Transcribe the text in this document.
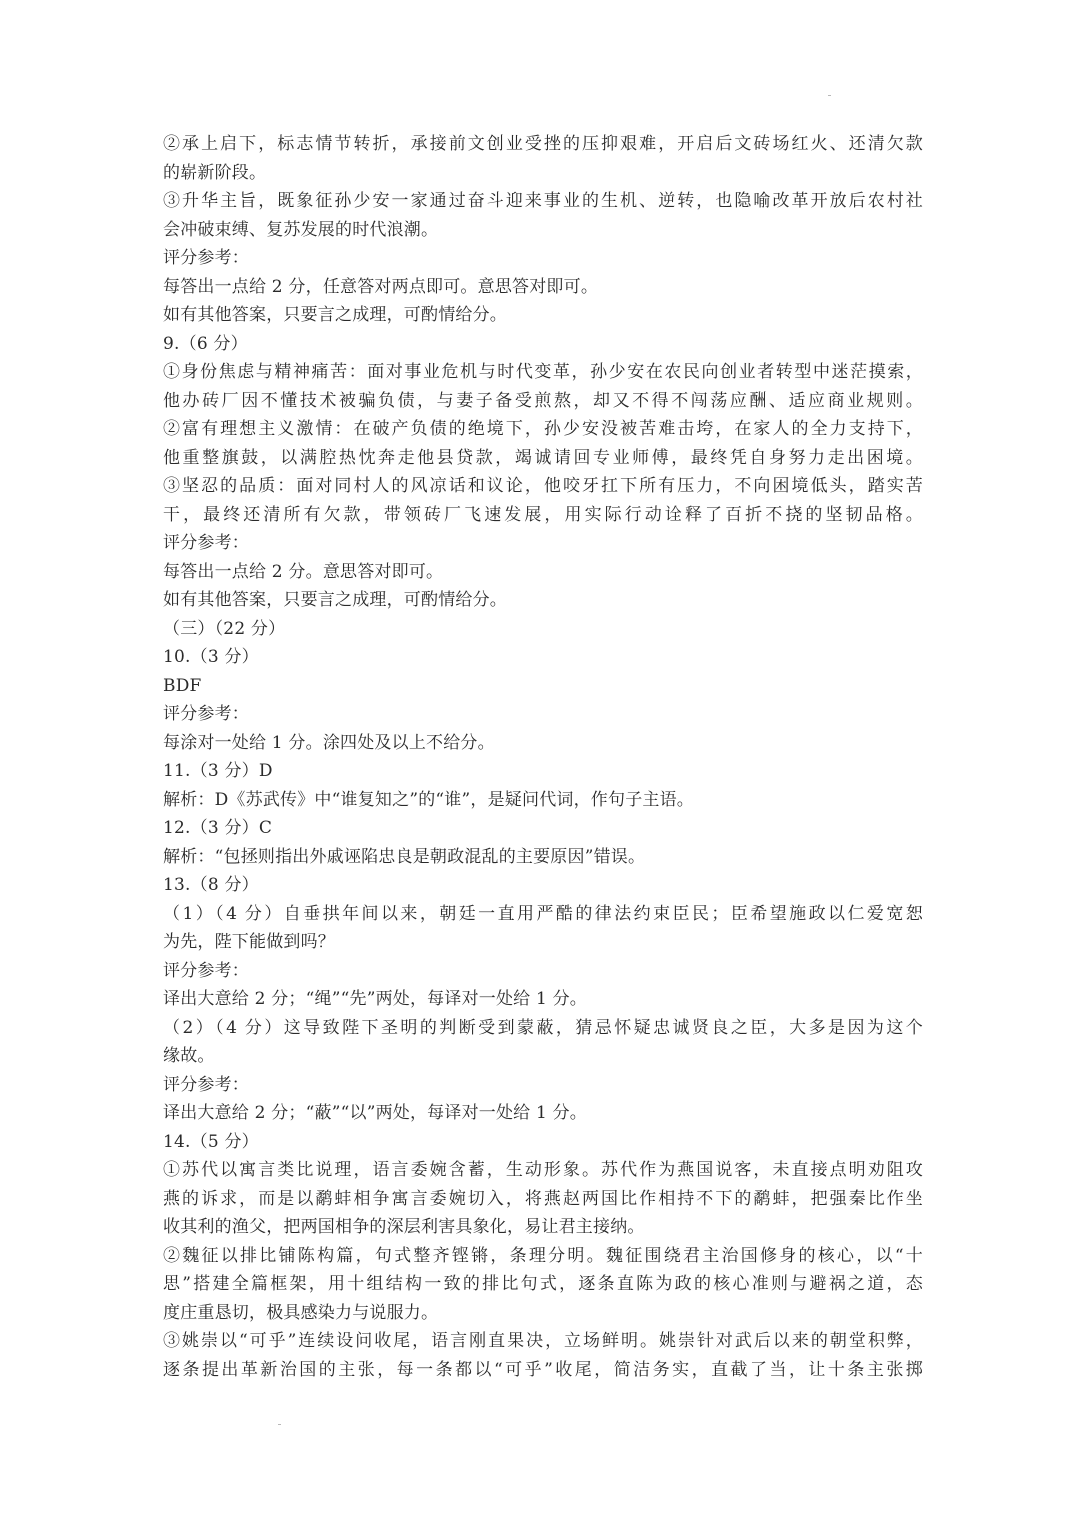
②承上启下，标志情节转折，承接前文创业受挫的压抑艰难，开启后文砖场红火、还清欠款
的崭新阶段。
③升华主旨，既象征孙少安一家通过奋斗迎来事业的生机、逆转，也隐喻改革开放后农村社
会冲破束缚、复苏发展的时代浪潮。
评分参考：
每答出一点给 2 分，任意答对两点即可。意思答对即可。
如有其他答案，只要言之成理，可酌情给分。
9.（6 分）
①身份焦虑与精神痛苦：面对事业危机与时代变革，孙少安在农民向创业者转型中迷茫摸索，
他办砖厂因不懂技术被骗负债，与妻子备受煎熬，却又不得不闯荡应酬、适应商业规则。
②富有理想主义激情：在破产负债的绝境下，孙少安没被苦难击垮，在家人的全力支持下，
他重整旗鼓，以满腔热忱奔走他县贷款，竭诚请回专业师傅，最终凭自身努力走出困境。
③坚忍的品质：面对同村人的风凉话和议论，他咬牙扛下所有压力，不向困境低头，踏实苦
干，最终还清所有欠款，带领砖厂飞速发展，用实际行动诠释了百折不挠的坚韧品格。
评分参考：
每答出一点给 2 分。意思答对即可。
如有其他答案，只要言之成理，可酌情给分。
（三）（22 分）
10.（3 分）
BDF
评分参考：
每涂对一处给 1 分。涂四处及以上不给分。
11.（3 分）D
解析：D《苏武传》中“谁复知之”的“谁”，是疑问代词，作句子主语。
12.（3 分）C
解析：“包拯则指出外戚诬陷忠良是朝政混乱的主要原因”错误。
13.（8 分）
（1）（4 分）自垂拱年间以来，朝廷一直用严酷的律法约束臣民；臣希望施政以仁爱宽恕
为先，陛下能做到吗？
评分参考：
译出大意给 2 分；“绳”“先”两处，每译对一处给 1 分。
（2）（4 分）这导致陛下圣明的判断受到蒙蔽，猜忌怀疑忠诚贤良之臣，大多是因为这个
缘故。
评分参考：
译出大意给 2 分；“蔽”“以”两处，每译对一处给 1 分。
14.（5 分）
①苏代以寓言类比说理，语言委婉含蓄，生动形象。苏代作为燕国说客，未直接点明劝阻攻
燕的诉求，而是以鹬蚌相争寓言委婉切入，将燕赵两国比作相持不下的鹬蚌，把强秦比作坐
收其利的渔父，把两国相争的深层利害具象化，易让君主接纳。
②魏征以排比铺陈构篇，句式整齐铿锵，条理分明。魏征围绕君主治国修身的核心，以“十
思”搭建全篇框架，用十组结构一致的排比句式，逐条直陈为政的核心准则与避祸之道，态
度庄重恳切，极具感染力与说服力。
③姚崇以“可乎”连续设问收尾，语言刚直果决，立场鲜明。姚崇针对武后以来的朝堂积弊，
逐条提出革新治国的主张，每一条都以“可乎”收尾，简洁务实，直截了当，让十条主张掷
